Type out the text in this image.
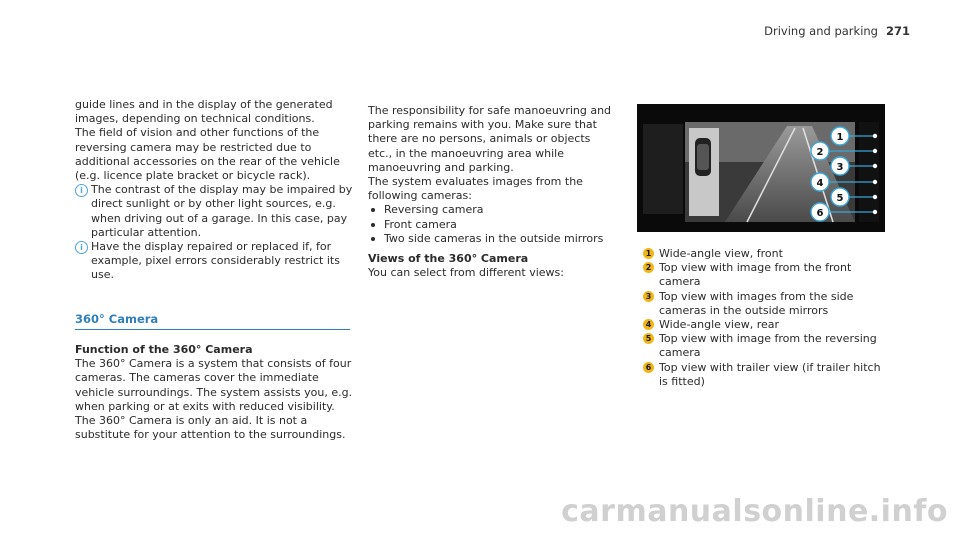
Driving and parking 271

guide lines and in the display of the generated images, depending on technical conditions.

The field of vision and other functions of the reversing camera may be restricted due to additional accessories on the rear of the vehicle (e.g. licence plate bracket or bicycle rack).

i The contrast of the display may be impaired by direct sunlight or by other light sources, e.g. when driving out of a garage. In this case, pay particular attention.

i Have the display repaired or replaced if, for example, pixel errors considerably restrict its use.

360° Camera

Function of the 360° Camera

The 360° Camera is a system that consists of four cameras. The cameras cover the immediate vehicle surroundings. The system assists you, e.g. when parking or at exits with reduced visibility.

The 360° Camera is only an aid. It is not a substitute for your attention to the surroundings.

The responsibility for safe manoeuvring and parking remains with you. Make sure that there are no persons, animals or objects etc., in the manoeuvring area while manoeuvring and parking.

The system evaluates images from the following cameras:

Reversing camera

Front camera

Two side cameras in the outside mirrors

Views of the 360° Camera

You can select from different views:

1
2
3
4
5
6
1 Wide-angle view, front
2 Top view with image from the front camera
3 Top view with images from the side cameras in the outside mirrors
4 Wide-angle view, rear
5 Top view with image from the reversing camera
6 Top view with trailer view (if trailer hitch is fitted)
carmanualsonline.info
